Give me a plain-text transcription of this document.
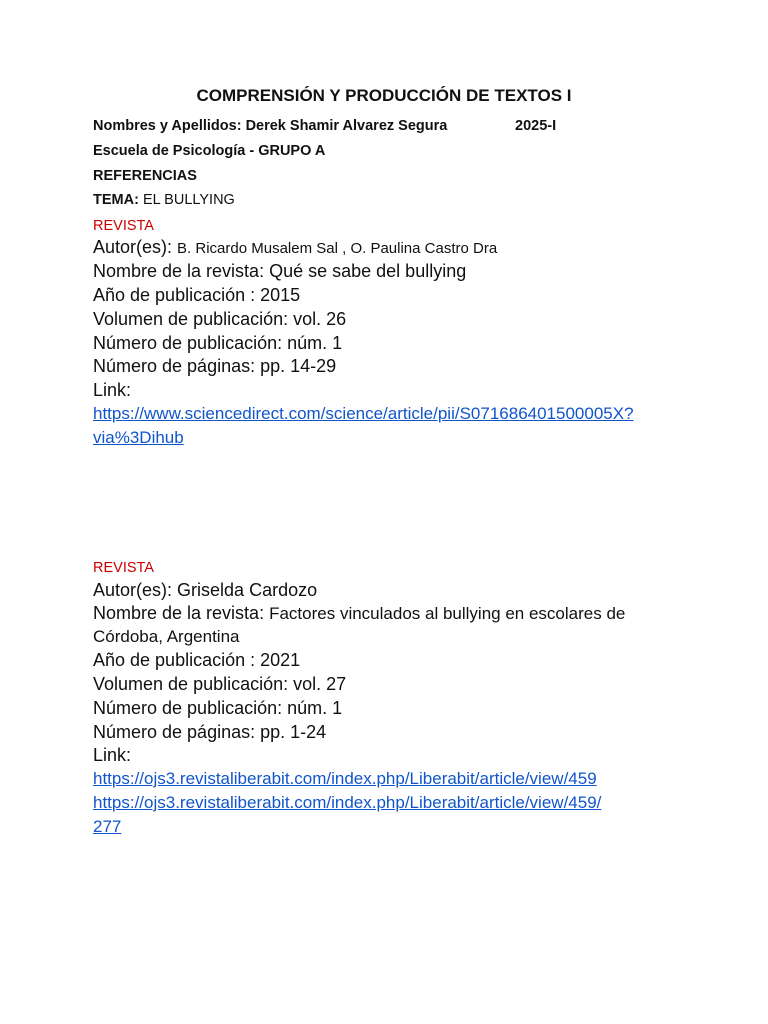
COMPRENSIÓN Y PRODUCCIÓN DE TEXTOS I
Nombres y Apellidos: Derek Shamir Alvarez Segura	2025-I
Escuela de Psicología - GRUPO A
REFERENCIAS
TEMA: EL BULLYING
REVISTA
Autor(es): B. Ricardo Musalem Sal , O. Paulina Castro Dra
Nombre de la revista: Qué se sabe del bullying
Año de publicación : 2015
Volumen de publicación: vol. 26
Número de publicación: núm. 1
Número de páginas: pp. 14-29
Link:
https://www.sciencedirect.com/science/article/pii/S071686401500005X?
via%3Dihub
REVISTA
Autor(es): Griselda Cardozo
Nombre de la revista: Factores vinculados al bullying en escolares de
Córdoba, Argentina
Año de publicación : 2021
Volumen de publicación: vol. 27
Número de publicación: núm. 1
Número de páginas: pp. 1-24
Link:
https://ojs3.revistaliberabit.com/index.php/Liberabit/article/view/459
https://ojs3.revistaliberabit.com/index.php/Liberabit/article/view/459/
277
